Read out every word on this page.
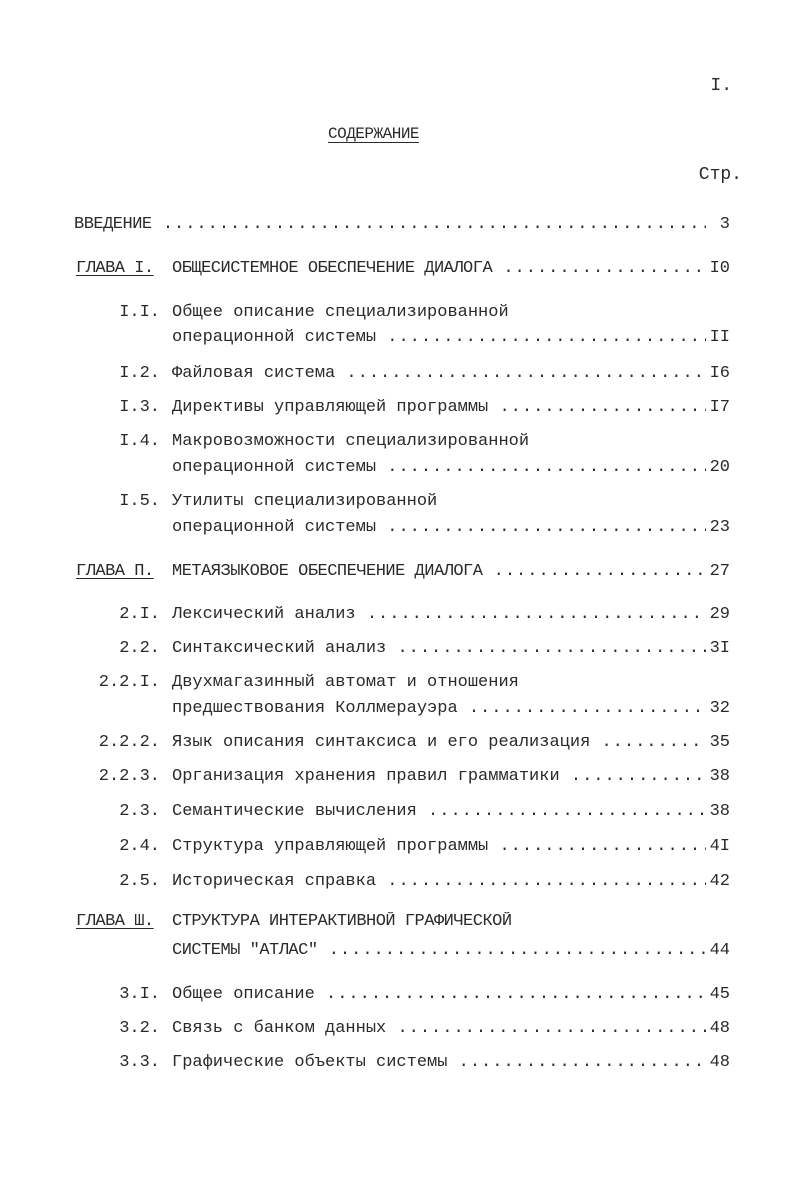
I.
СОДЕРЖАНИЕ
Стр.
ВВЕДЕНИЕ .....	3
ГЛАВА I.	ОБЩЕСИСТЕМНОЕ ОБЕСПЕЧЕНИЕ ДИАЛОГА .....	I0
I.I. Общее описание специализированной
операционной системы .....	II
I.2. Файловая система .....	I6
I.3. Директивы управляющей программы .....	I7
I.4. Макровозможности специализированной
операционной системы .....	20
I.5. Утилиты специализированной
операционной системы .....	23
ГЛАВА П.	МЕТАЯЗЫКОВОЕ ОБЕСПЕЧЕНИЕ ДИАЛОГА .....	27
2.I. Лексический анализ .....	29
2.2. Синтаксический анализ .....	3I
2.2.I. Двухмагазинный автомат и отношения
предшествования Коллмерауэра .....	32
2.2.2. Язык описания синтаксиса и его реализация .....	35
2.2.3. Организация хранения правил грамматики .....	38
2.3. Семантические вычисления .....	38
2.4. Структура управляющей программы .....	4I
2.5. Историческая справка .....	42
ГЛАВА Ш.	СТРУКТУРА ИНТЕРАКТИВНОЙ ГРАФИЧЕСКОЙ
СИСТЕМЫ "АТЛАС" .....	44
3.I. Общее описание .....	45
3.2. Связь с банком данных .....	48
3.3. Графические объекты системы .....	48
